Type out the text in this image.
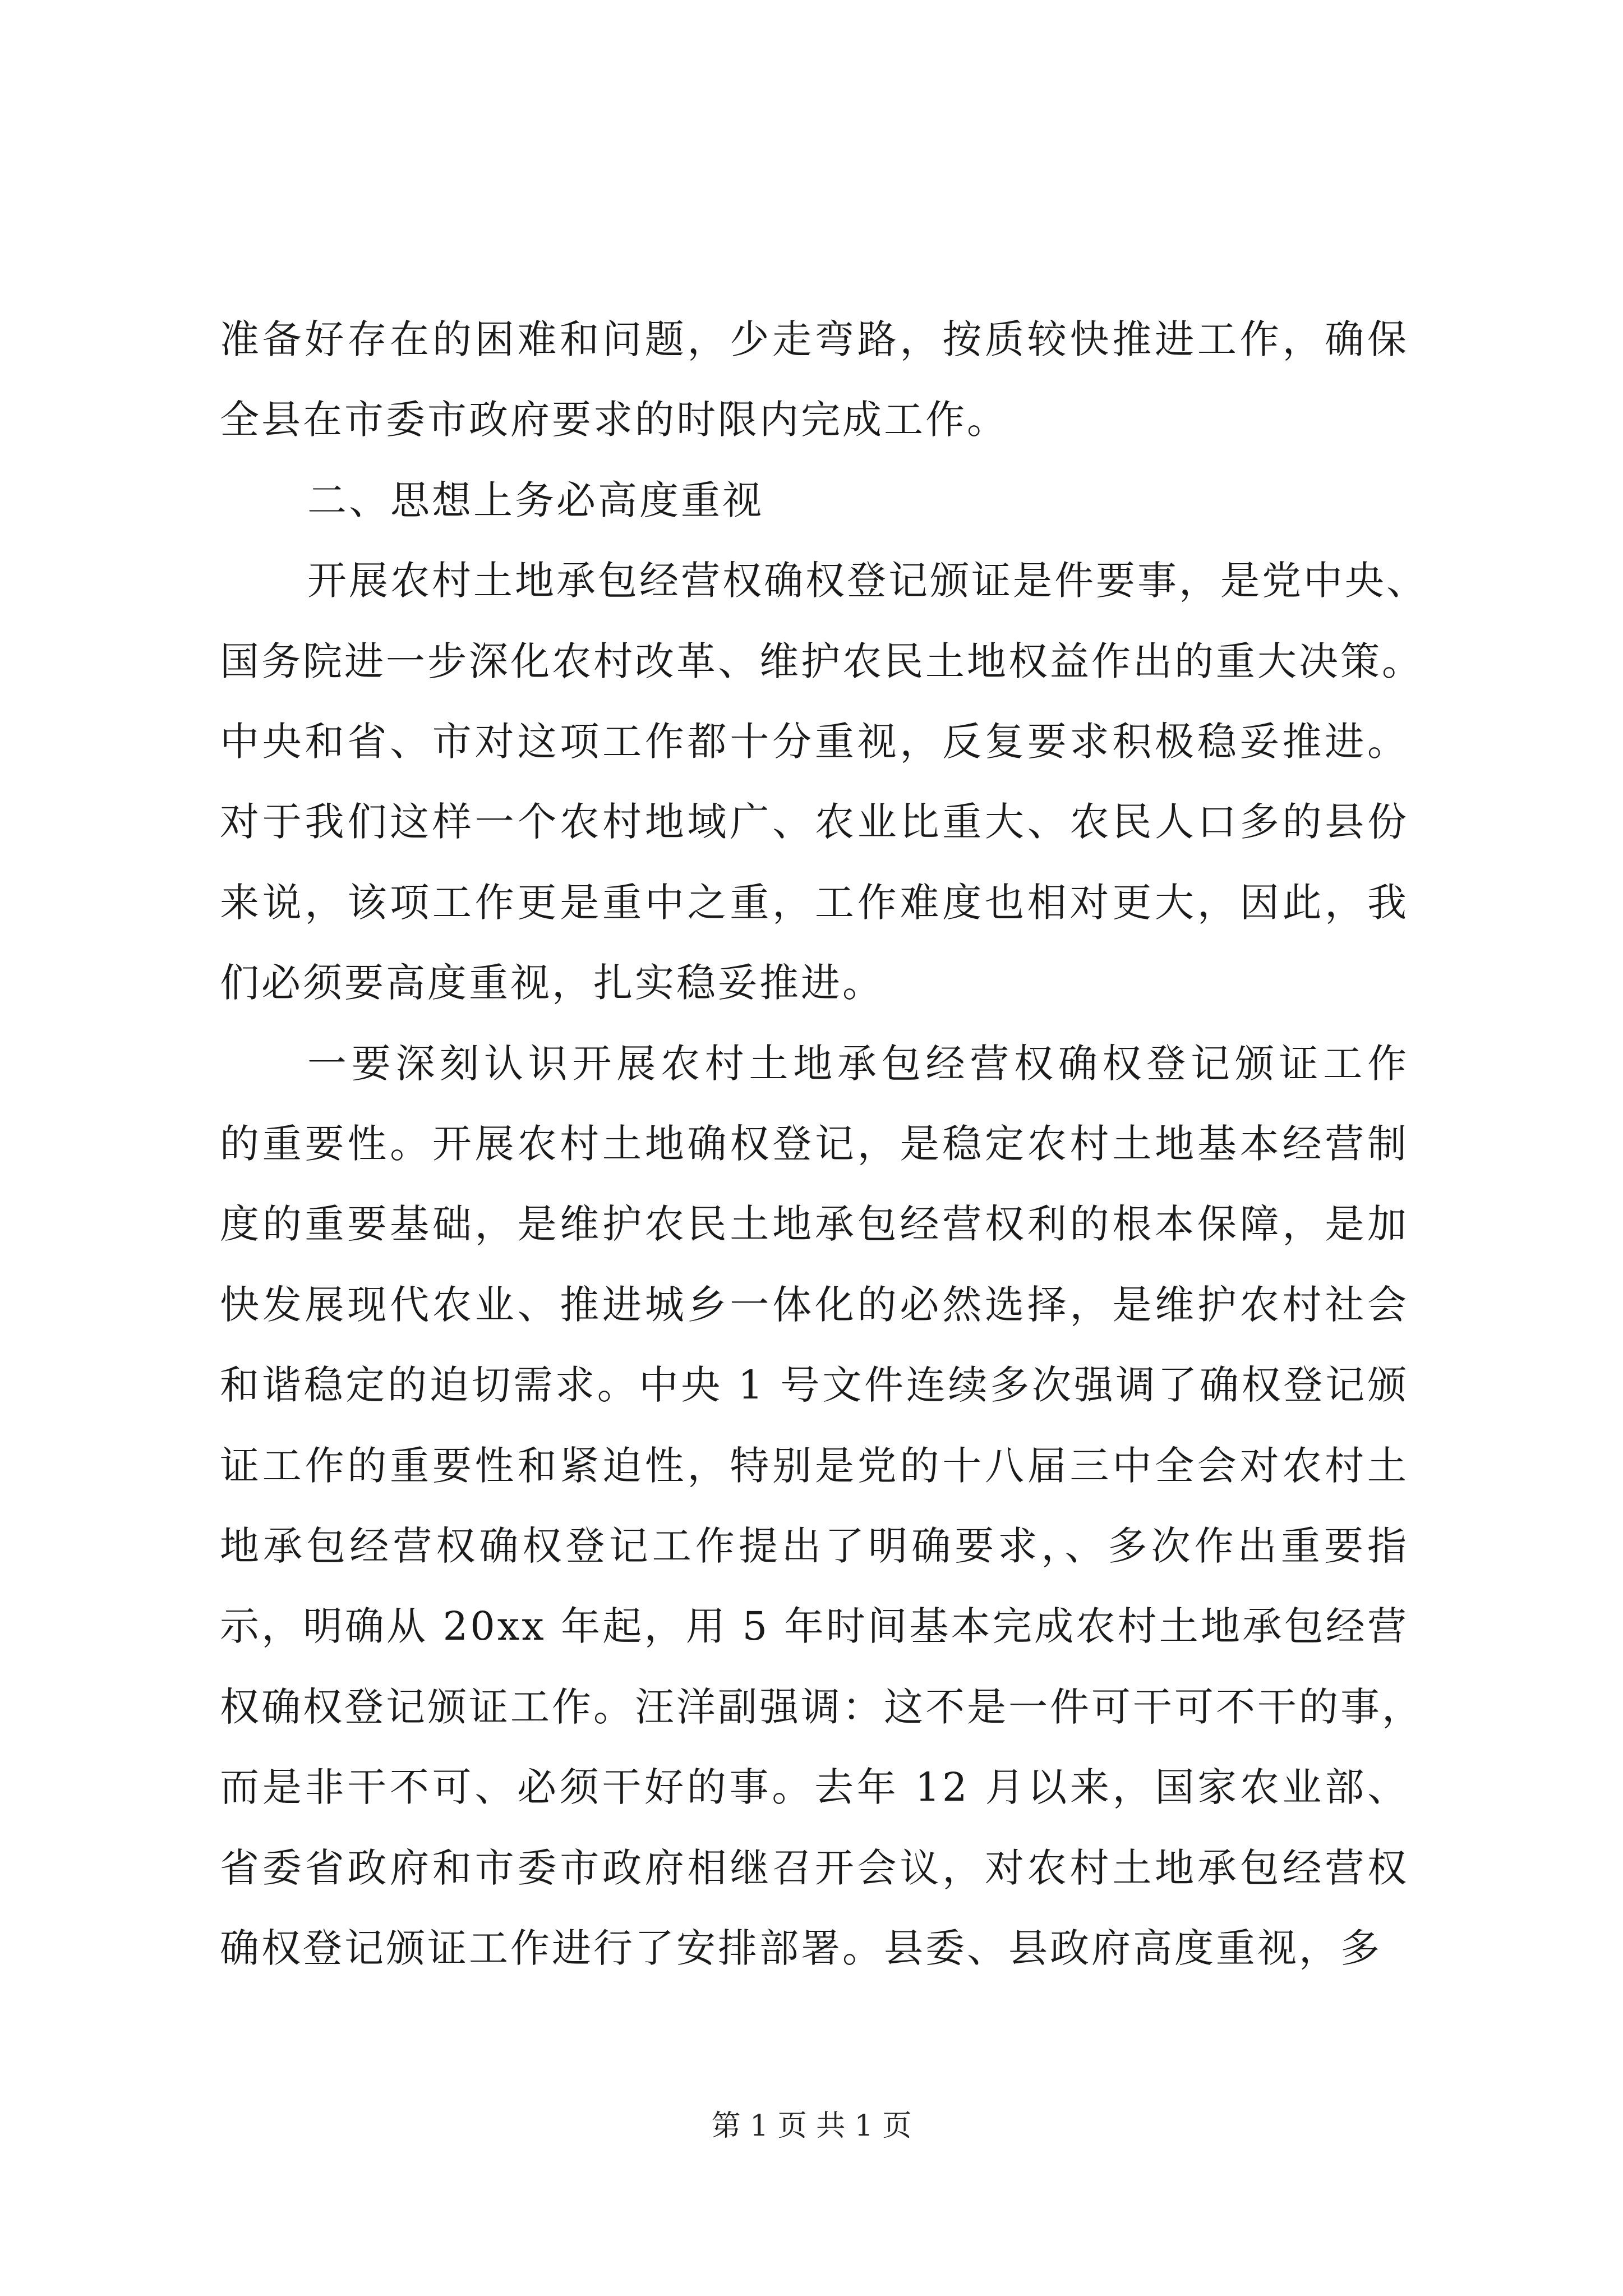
准备好存在的困难和问题，少走弯路，按质较快推进工作，确保
全县在市委市政府要求的时限内完成工作。
二、思想上务必高度重视
开展农村土地承包经营权确权登记颁证是件要事，是党中央、
国务院进一步深化农村改革、维护农民土地权益作出的重大决策。
中央和省、市对这项工作都十分重视，反复要求积极稳妥推进。
对于我们这样一个农村地域广、农业比重大、农民人口多的县份
来说，该项工作更是重中之重，工作难度也相对更大，因此，我
们必须要高度重视，扎实稳妥推进。
一要深刻认识开展农村土地承包经营权确权登记颁证工作
的重要性。开展农村土地确权登记，是稳定农村土地基本经营制
度的重要基础，是维护农民土地承包经营权利的根本保障，是加
快发展现代农业、推进城乡一体化的必然选择，是维护农村社会
和谐稳定的迫切需求。中央 1 号文件连续多次强调了确权登记颁
证工作的重要性和紧迫性，特别是党的十八届三中全会对农村土
地承包经营权确权登记工作提出了明确要求，、多次作出重要指
示，明确从 20xx 年起，用 5 年时间基本完成农村土地承包经营
权确权登记颁证工作。汪洋副强调：这不是一件可干可不干的事，
而是非干不可、必须干好的事。去年 12 月以来，国家农业部、
省委省政府和市委市政府相继召开会议，对农村土地承包经营权
确权登记颁证工作进行了安排部署。县委、县政府高度重视，多
第 1 页 共 1 页
